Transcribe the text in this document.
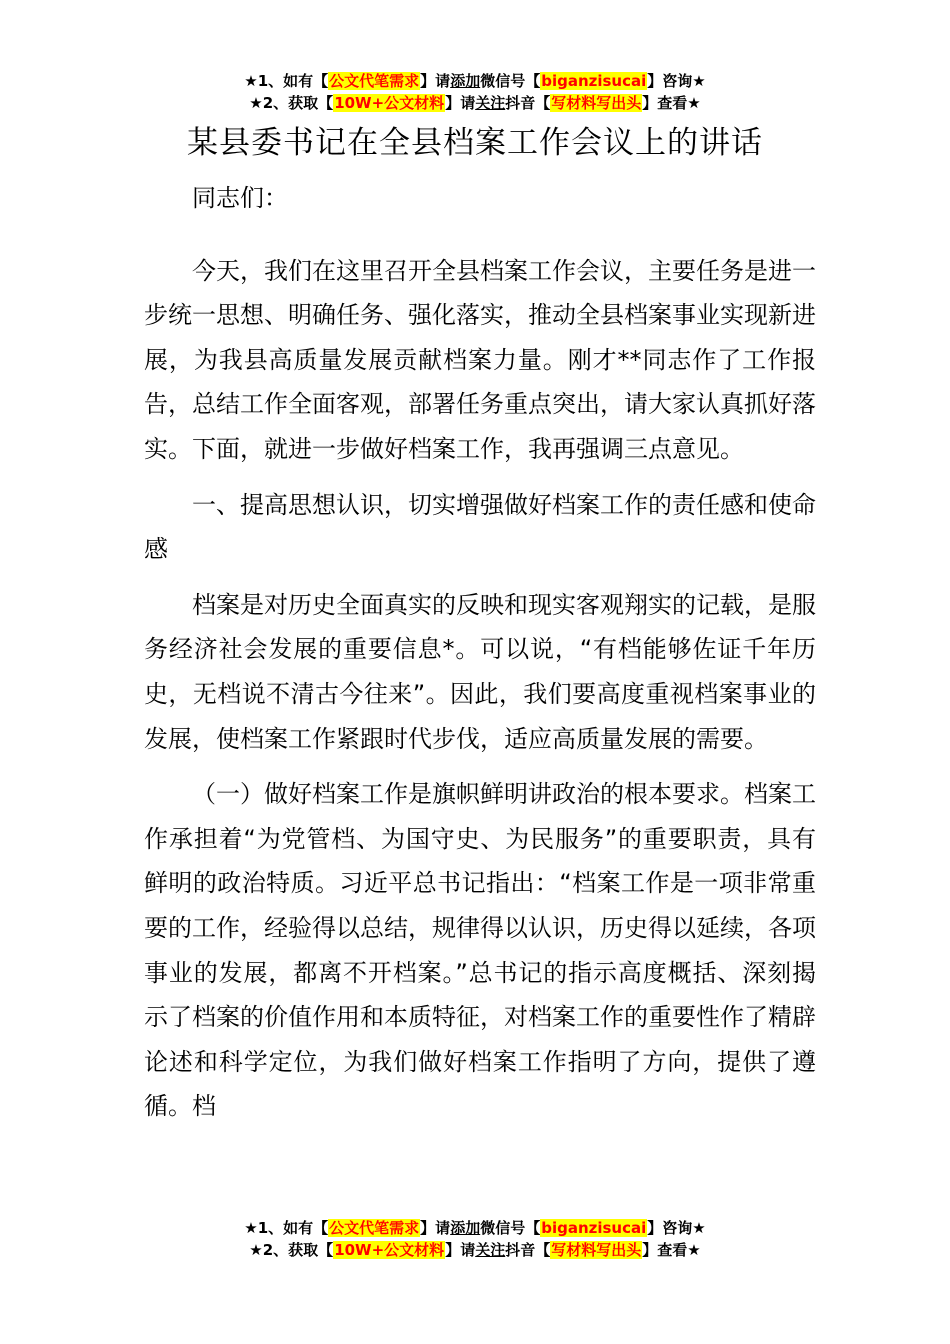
★1、如有【公文代笔需求】请添加微信号【biganzisucai】咨询★
★2、获取【10W+公文材料】请关注抖音【写材料写出头】查看★
某县委书记在全县档案工作会议上的讲话

同志们：

今天，我们在这里召开全县档案工作会议，主要任务是进一步统一思想、明确任务、强化落实，推动全县档案事业实现新进展，为我县高质量发展贡献档案力量。刚才**同志作了工作报告，总结工作全面客观，部署任务重点突出，请大家认真抓好落实。下面，就进一步做好档案工作，我再强调三点意见。

一、提高思想认识，切实增强做好档案工作的责任感和使命感

档案是对历史全面真实的反映和现实客观翔实的记载，是服务经济社会发展的重要信息*。可以说，“有档能够佐证千年历史，无档说不清古今往来”。因此，我们要高度重视档案事业的发展，使档案工作紧跟时代步伐，适应高质量发展的需要。

（一）做好档案工作是旗帜鲜明讲政治的根本要求。档案工作承担着“为党管档、为国守史、为民服务”的重要职责，具有鲜明的政治特质。习近平总书记指出：“档案工作是一项非常重要的工作，经验得以总结，规律得以认识，历史得以延续，各项事业的发展，都离不开档案。”总书记的指示高度概括、深刻揭示了档案的价值作用和本质特征，对档案工作的重要性作了精辟论述和科学定位，为我们做好档案工作指明了方向，提供了遵循。档

★1、如有【公文代笔需求】请添加微信号【biganzisucai】咨询★
★2、获取【10W+公文材料】请关注抖音【写材料写出头】查看★
